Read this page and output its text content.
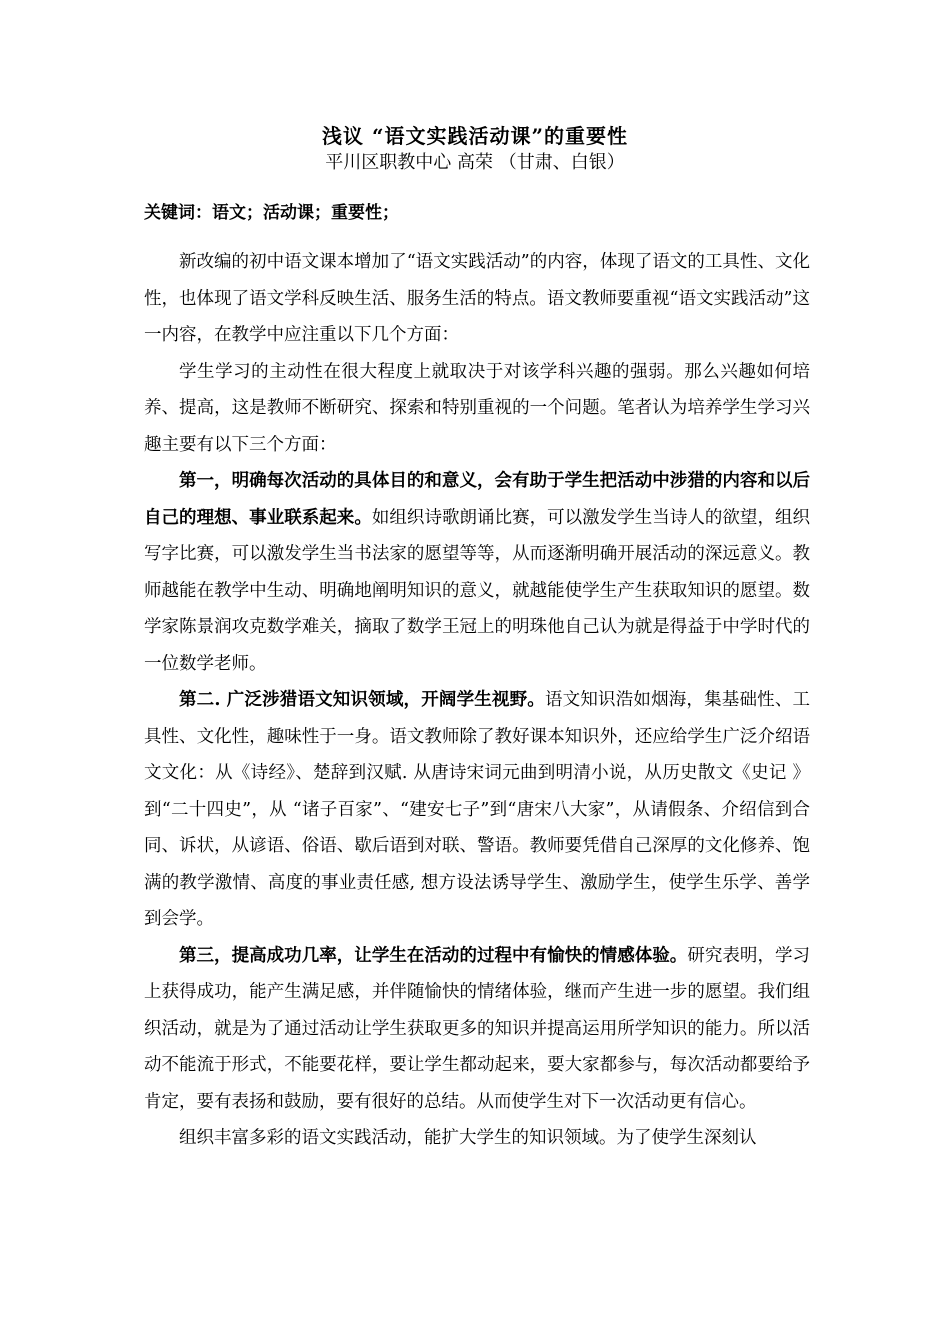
浅议 “语文实践活动课”的重要性
平川区职教中心 高荣 （甘肃、白银）
关键词：语文；活动课；重要性；

新改编的初中语文课本增加了“语文实践活动”的内容，体现了语文的工具性、文化性，也体现了语文学科反映生活、服务生活的特点。语文教师要重视“语文实践活动”这一内容，在教学中应注重以下几个方面：

学生学习的主动性在很大程度上就取决于对该学科兴趣的强弱。那么兴趣如何培养、提高，这是教师不断研究、探索和特别重视的一个问题。笔者认为培养学生学习兴趣主要有以下三个方面：

第一，明确每次活动的具体目的和意义，会有助于学生把活动中涉猎的内容和以后自己的理想、事业联系起来。如组织诗歌朗诵比赛，可以激发学生当诗人的欲望，组织写字比赛，可以激发学生当书法家的愿望等等，从而逐渐明确开展活动的深远意义。教师越能在教学中生动、明确地阐明知识的意义，就越能使学生产生获取知识的愿望。数学家陈景润攻克数学难关，摘取了数学王冠上的明珠他自己认为就是得益于中学时代的一位数学老师。

第二. 广泛涉猎语文知识领域，开阔学生视野。语文知识浩如烟海，集基础性、工具性、文化性，趣味性于一身。语文教师除了教好课本知识外，还应给学生广泛介绍语文文化：从《诗经》、楚辞到汉赋. 从唐诗宋词元曲到明清小说，从历史散文《史记 》到“二十四史”，从 “诸子百家”、“建安七子”到“唐宋八大家”，从请假条、介绍信到合同、诉状，从谚语、俗语、歇后语到对联、警语。教师要凭借自己深厚的文化修养、饱满的教学激情、高度的事业责任感, 想方设法诱导学生、激励学生，使学生乐学、善学到会学。

第三，提高成功几率，让学生在活动的过程中有愉快的情感体验。研究表明，学习上获得成功，能产生满足感，并伴随愉快的情绪体验，继而产生进一步的愿望。我们组织活动，就是为了通过活动让学生获取更多的知识并提高运用所学知识的能力。所以活动不能流于形式，不能要花样，要让学生都动起来，要大家都参与，每次活动都要给予肯定，要有表扬和鼓励，要有很好的总结。从而使学生对下一次活动更有信心。

组织丰富多彩的语文实践活动，能扩大学生的知识领域。为了使学生深刻认
